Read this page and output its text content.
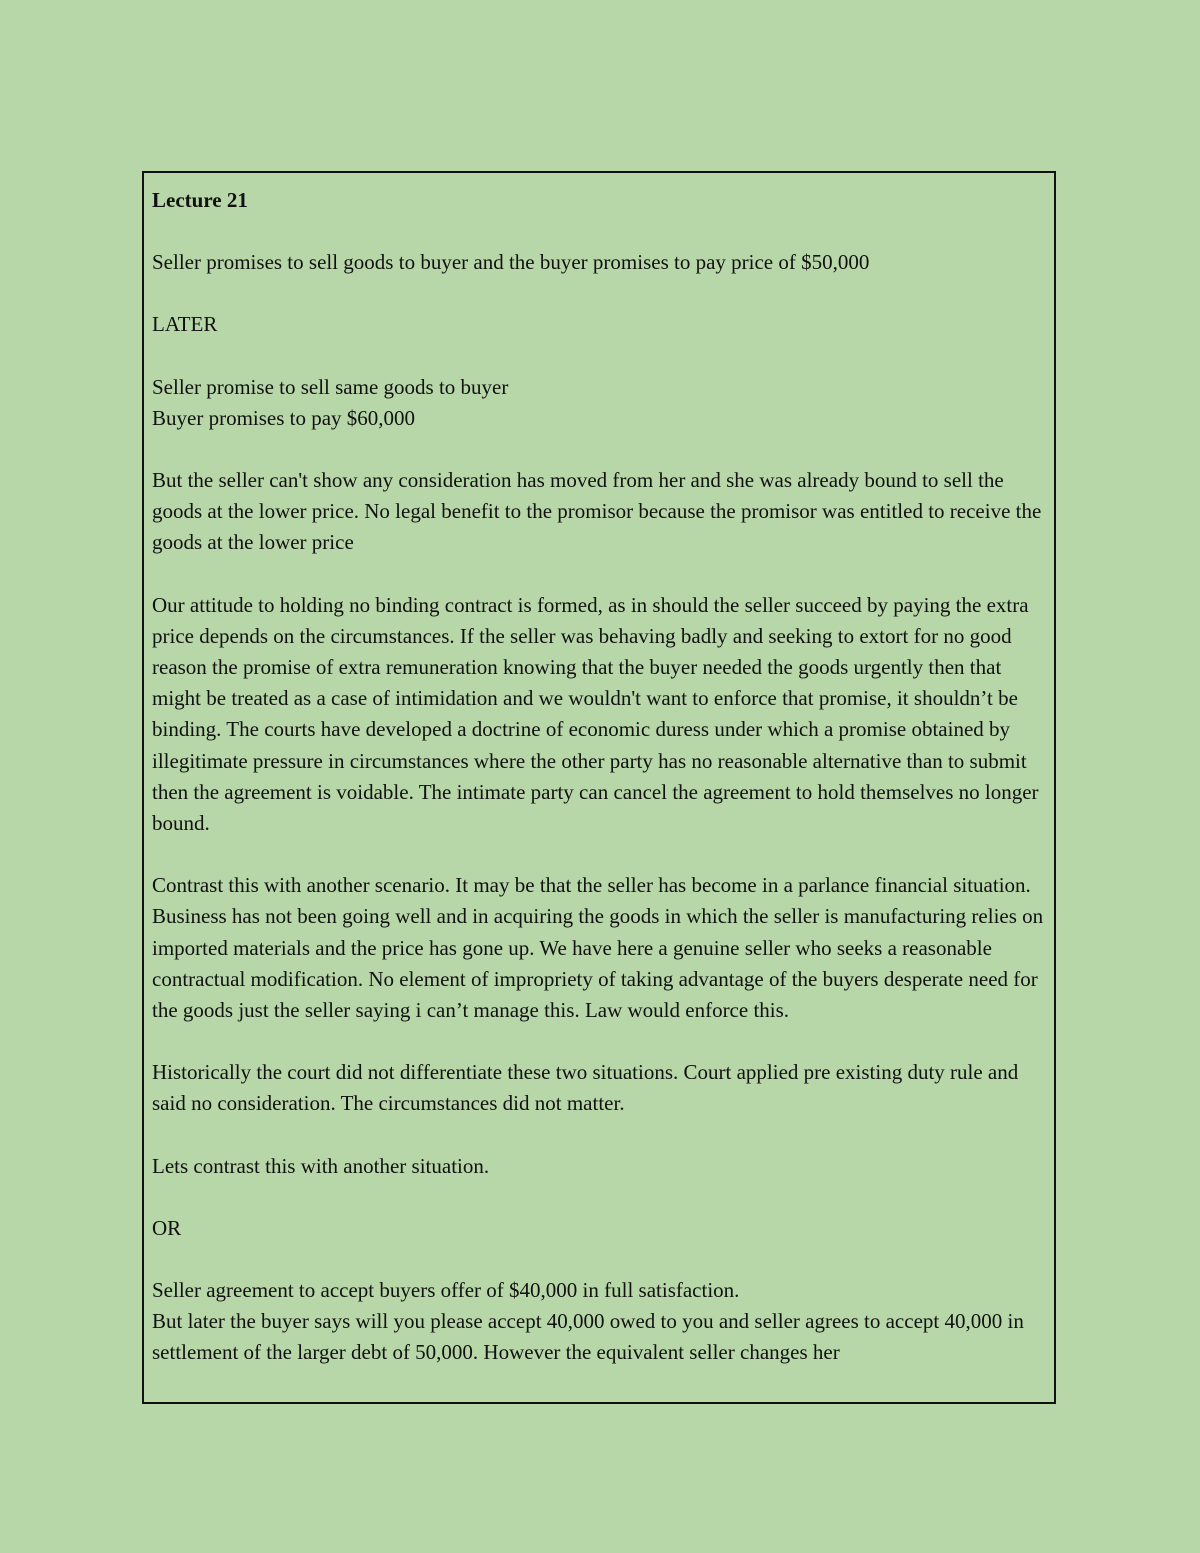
Lecture 21

Seller promises to sell goods to buyer and the buyer promises to pay price of $50,000

LATER

Seller promise to sell same goods to buyer

Buyer promises to pay $60,000

But the seller can't show any consideration has moved from her and she was already bound to sell the goods at the lower price. No legal benefit to the promisor because the promisor was entitled to receive the goods at the lower price

Our attitude to holding no binding contract is formed, as in should the seller succeed by paying the extra price depends on the circumstances. If the seller was behaving badly and seeking to extort for no good reason the promise of extra remuneration knowing that the buyer needed the goods urgently then that might be treated as a case of intimidation and we wouldn't want to enforce that promise, it shouldn’t be binding. The courts have developed a doctrine of economic duress under which a promise obtained by illegitimate pressure in circumstances where the other party has no reasonable alternative than to submit then the agreement is voidable. The intimate party can cancel the agreement to hold themselves no longer bound.

Contrast this with another scenario. It may be that the seller has become in a parlance financial situation. Business has not been going well and in acquiring the goods in which the seller is manufacturing relies on imported materials and the price has gone up. We have here a genuine seller who seeks a reasonable contractual modification. No element of impropriety of taking advantage of the buyers desperate need for the goods just the seller saying i can’t manage this. Law would enforce this.

Historically the court did not differentiate these two situations. Court applied pre existing duty rule and said no consideration. The circumstances did not matter.

Lets contrast this with another situation.

OR

Seller agreement to accept buyers offer of $40,000 in full satisfaction.

But later the buyer says will you please accept 40,000 owed to you and seller agrees to accept 40,000 in settlement of the larger debt of 50,000. However the equivalent seller changes her
